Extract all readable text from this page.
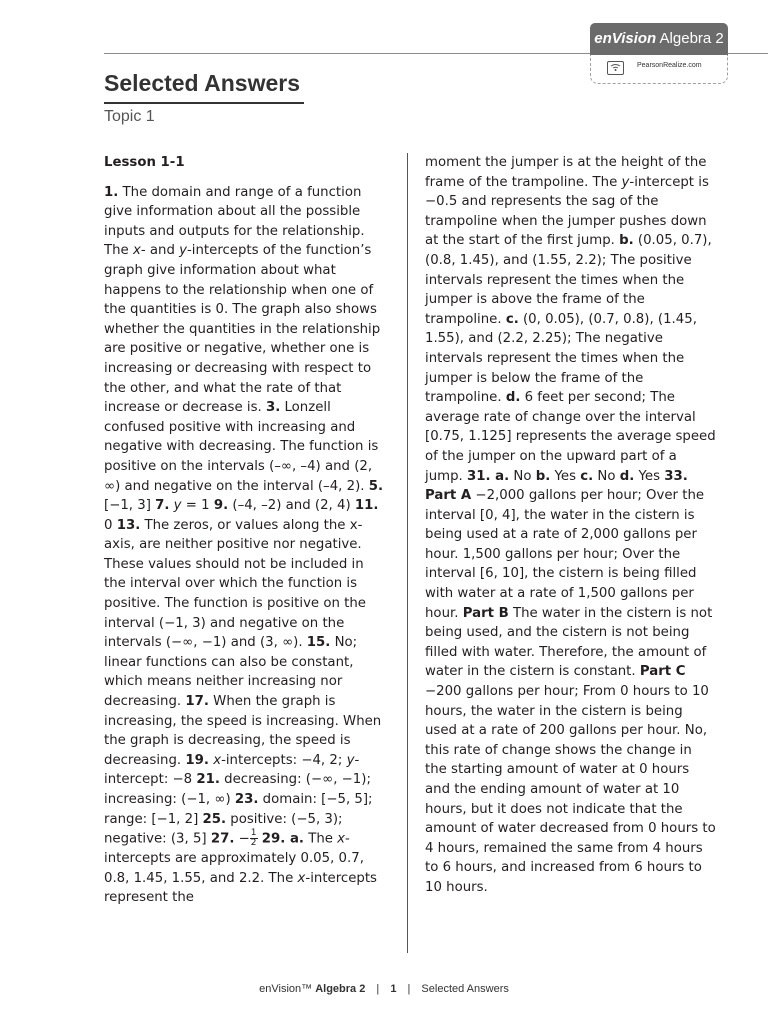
enVision Algebra 2
PearsonRealize.com
Selected Answers
Topic 1
Lesson 1-1

1. The domain and range of a function give information about all the possible inputs and outputs for the relationship. The x- and y-intercepts of the function’s graph give information about what happens to the relationship when one of the quantities is 0. The graph also shows whether the quantities in the relationship are positive or negative, whether one is increasing or decreasing with respect to the other, and what the rate of that increase or decrease is. 3. Lonzell confused positive with increasing and negative with decreasing. The function is positive on the intervals (–∞, –4) and (2, ∞) and negative on the interval (–4, 2). 5. [−1, 3] 7. y = 1 9. (–4, –2) and (2, 4) 11. 0 13. The zeros, or values along the x-axis, are neither positive nor negative. These values should not be included in the interval over which the function is positive. The function is positive on the interval (−1, 3) and negative on the intervals (−∞, −1) and (3, ∞). 15. No; linear functions can also be constant, which means neither increasing nor decreasing. 17. When the graph is increasing, the speed is increasing. When the graph is decreasing, the speed is decreasing. 19. x-intercepts: −4, 2; y-intercept: −8 21. decreasing: (−∞, −1); increasing: (−1, ∞) 23. domain: [−5, 5]; range: [−1, 2] 25. positive: (−5, 3); negative: (3, 5] 27. − $\frac{1}{2} 29$. a. The x-intercepts are approximately 0.05, 0.7, 0.8, 1.45, 1.55, and 2.2. The x-intercepts represent the

moment the jumper is at the height of the frame of the trampoline. The y-intercept is −0.5 and represents the sag of the trampoline when the jumper pushes down at the start of the first jump. b. (0.05, 0.7), (0.8, 1.45), and (1.55, 2.2); The positive intervals represent the times when the jumper is above the frame of the trampoline. c. (0, 0.05), (0.7, 0.8), (1.45, 1.55), and (2.2, 2.25); The negative intervals represent the times when the jumper is below the frame of the trampoline. d. 6 feet per second; The average rate of change over the interval [0.75, 1.125] represents the average speed of the jumper on the upward part of a jump. 31. a. No b. Yes c. No d. Yes 33. Part A −2,000 gallons per hour; Over the interval [0, 4], the water in the cistern is being used at a rate of 2,000 gallons per hour. 1,500 gallons per hour; Over the interval [6, 10], the cistern is being filled with water at a rate of 1,500 gallons per hour. Part B The water in the cistern is not being used, and the cistern is not being filled with water. Therefore, the amount of water in the cistern is constant. Part C −200 gallons per hour; From 0 hours to 10 hours, the water in the cistern is being used at a rate of 200 gallons per hour. No, this rate of change shows the change in the starting amount of water at 0 hours and the ending amount of water at 10 hours, but it does not indicate that the amount of water decreased from 0 hours to 4 hours, remained the same from 4 hours to 6 hours, and increased from 6 hours to 10 hours.

enVision™ Algebra 2 | 1 | Selected Answers
